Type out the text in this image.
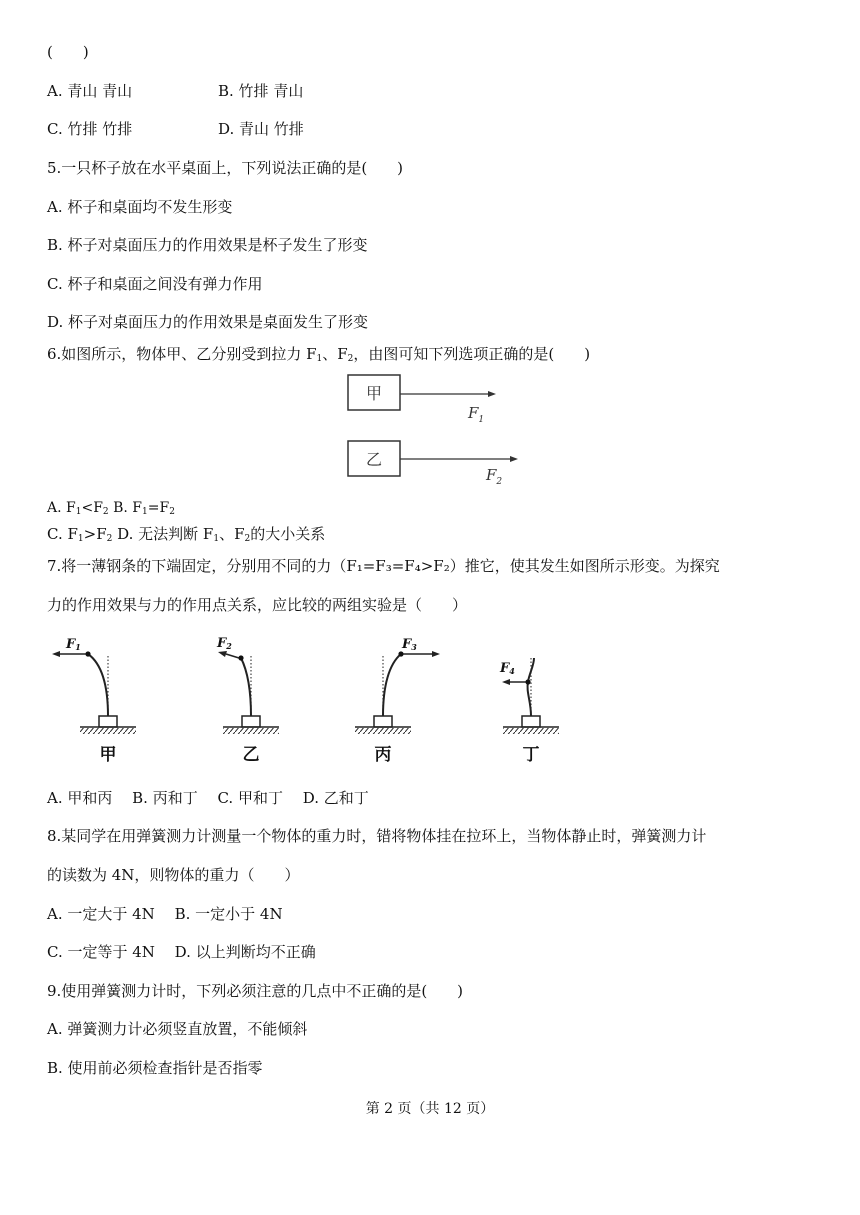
(　　)
A. 青山 青山	B. 竹排 青山
C. 竹排 竹排	D. 青山 竹排
5.一只杯子放在水平桌面上，下列说法正确的是(　　)
A. 杯子和桌面均不发生形变
B. 杯子对桌面压力的作用效果是杯子发生了形变
C. 杯子和桌面之间没有弹力作用
D. 杯子对桌面压力的作用效果是桌面发生了形变
6.如图所示，物体甲、乙分别受到拉力 $F_1$、$F_2$，由图可知下列选项正确的是(　　)
甲
$F_1$
乙
$F_2$
A. $F_1<F_2$ B. $F_1=F_2$
C. $F_1>F_2$ D. 无法判断 $F_1$、$F_2$的大小关系
7.将一薄钢条的下端固定，分别用不同的力（F₁=F₃=F₄>F₂）推它，使其发生如图所示形变。为探究
力的作用效果与力的作用点关系，应比较的两组实验是（　　）
F1
甲
F2
乙
F3
丙
F4
丁
A. 甲和丙　 B. 丙和丁　 C. 甲和丁　 D. 乙和丁
8.某同学在用弹簧测力计测量一个物体的重力时，错将物体挂在拉环上，当物体静止时，弹簧测力计
的读数为 4N，则物体的重力（　　）
A. 一定大于 4N　 B. 一定小于 4N
C. 一定等于 4N　 D. 以上判断均不正确
9.使用弹簧测力计时，下列必须注意的几点中不正确的是(　　)
A. 弹簧测力计必须竖直放置，不能倾斜
B. 使用前必须检查指针是否指零
第 2 页（共 12 页）
